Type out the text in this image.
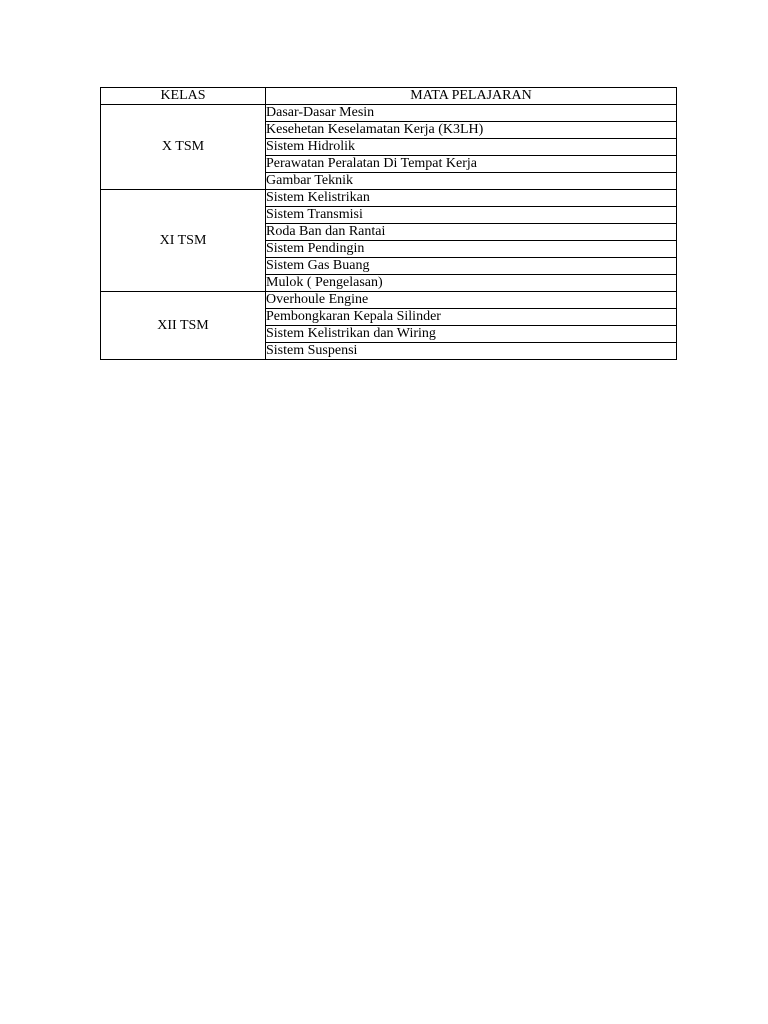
KELAS	MATA PELAJARAN
X TSM	Dasar-Dasar Mesin
	Kesehetan Keselamatan Kerja (K3LH)
	Sistem Hidrolik
	Perawatan Peralatan Di Tempat Kerja
	Gambar Teknik
XI TSM	Sistem Kelistrikan
	Sistem Transmisi
	Roda Ban dan Rantai
	Sistem Pendingin
	Sistem Gas Buang
	Mulok ( Pengelasan)
XII TSM	Overhoule Engine
	Pembongkaran Kepala Silinder
	Sistem Kelistrikan dan Wiring
	Sistem Suspensi
